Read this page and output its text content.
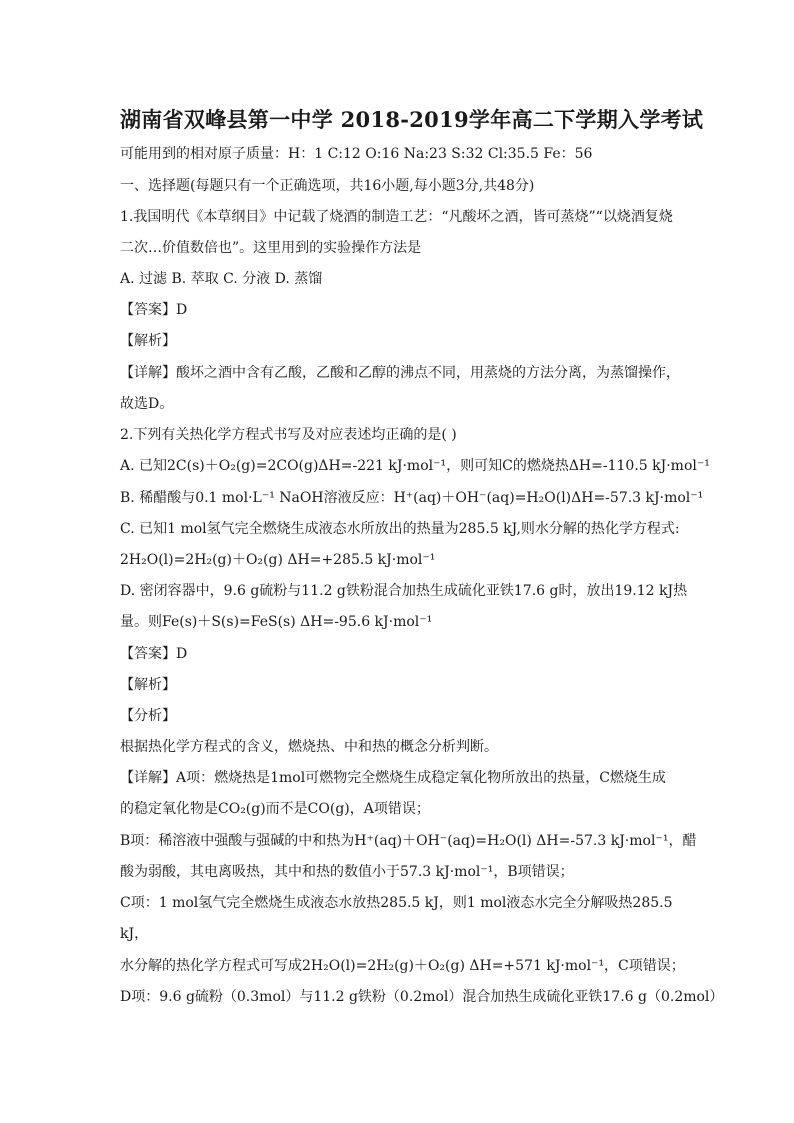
湖南省双峰县第一中学 2018-2019学年高二下学期入学考试
可能用到的相对原子质量：H：1 C:12 O:16 Na:23 S:32 Cl:35.5 Fe：56
一、选择题(每题只有一个正确选项，共16小题,每小题3分,共48分)
1.我国明代《本草纲目》中记载了烧酒的制造工艺：“凡酸坏之酒，皆可蒸烧”“以烧酒复烧
二次…价值数倍也”。这里用到的实验操作方法是
A. 过滤 B. 萃取 C. 分液 D. 蒸馏
【答案】D
【解析】
【详解】酸坏之酒中含有乙酸，乙酸和乙醇的沸点不同，用蒸烧的方法分离，为蒸馏操作，
故选D。
2.下列有关热化学方程式书写及对应表述均正确的是( )
A. 已知2C(s)＋O₂(g)=2CO(g)ΔH=-221 kJ·mol⁻¹，则可知C的燃烧热ΔH=-110.5 kJ·mol⁻¹
B. 稀醋酸与0.1 mol·L⁻¹ NaOH溶液反应：H⁺(aq)＋OH⁻(aq)=H₂O(l)ΔH=-57.3 kJ·mol⁻¹
C. 已知1 mol氢气完全燃烧生成液态水所放出的热量为285.5 kJ,则水分解的热化学方程式:
2H₂O(l)=2H₂(g)＋O₂(g) ΔH=+285.5 kJ·mol⁻¹
D. 密闭容器中，9.6 g硫粉与11.2 g铁粉混合加热生成硫化亚铁17.6 g时，放出19.12 kJ热
量。则Fe(s)＋S(s)=FeS(s) ΔH=-95.6 kJ·mol⁻¹
【答案】D
【解析】
【分析】
根据热化学方程式的含义，燃烧热、中和热的概念分析判断。
【详解】A项：燃烧热是1mol可燃物完全燃烧生成稳定氧化物所放出的热量，C燃烧生成
的稳定氧化物是CO₂(g)而不是CO(g)，A项错误；
B项：稀溶液中强酸与强碱的中和热为H⁺(aq)＋OH⁻(aq)=H₂O(l) ΔH=-57.3 kJ·mol⁻¹，醋
酸为弱酸，其电离吸热，其中和热的数值小于57.3 kJ·mol⁻¹，B项错误；
C项：1 mol氢气完全燃烧生成液态水放热285.5 kJ，则1 mol液态水完全分解吸热285.5
kJ，
水分解的热化学方程式可写成2H₂O(l)=2H₂(g)＋O₂(g) ΔH=+571 kJ·mol⁻¹，C项错误；
D项：9.6 g硫粉（0.3mol）与11.2 g铁粉（0.2mol）混合加热生成硫化亚铁17.6 g（0.2mol）
